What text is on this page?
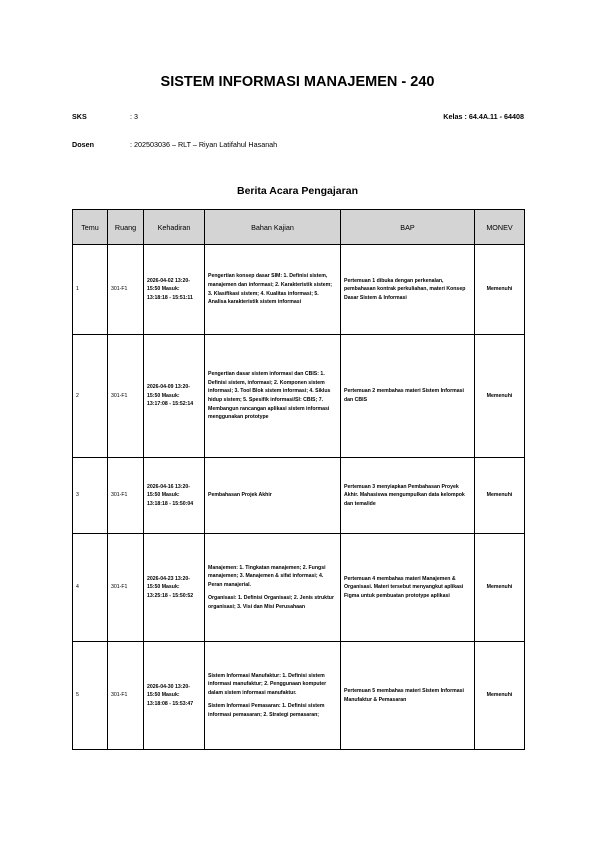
SISTEM INFORMASI MANAJEMEN - 240
SKS	: 3	Kelas : 64.4A.11 - 64408
Dosen	: 202503036 – RLT – Riyan Latifahul Hasanah
Berita Acara Pengajaran
Temu	Ruang	Kehadiran	Bahan Kajian	BAP	MONEV
1	301-F1	2026-04-02 13:20-15:50 Masuk: 13:18:18 - 15:51:11	Pengertian konsep dasar SIM: 1. Definisi sistem, manajemen dan informasi; 2. Karakteristik sistem; 3. Klasifikasi sistem; 4. Kualitas informasi; 5. Analisa karakteristik sistem informasi	Pertemuan 1 dibuka dengan perkenalan, pembahasan kontrak perkuliahan, materi Konsep Dasar Sistem & Informasi	Memenuhi
2	301-F1	2026-04-09 13:20-15:50 Masuk: 13:17:08 - 15:52:14	Pengertian dasar sistem informasi dan CBIS: 1. Definisi sistem, informasi; 2. Komponen sistem informasi; 3. Tool Blok sistem informasi; 4. Siklus hidup sistem; 5. Spesifik informasi/SI: CBIS; 7. Membangun rancangan aplikasi sistem informasi menggunakan prototype	Pertemuan 2 membahas materi Sistem Informasi dan CBIS	Memenuhi
3	301-F1	2026-04-16 13:20-15:50 Masuk: 13:18:18 - 15:50:04	Pembahasan Projek Akhir	Pertemuan 3 menyiapkan Pembahasan Proyek Akhir. Mahasiswa mengumpulkan data kelompok dan tema/ide	Memenuhi
4	301-F1	2026-04-23 13:20-15:50 Masuk: 13:25:18 - 15:50:52	Manajemen: 1. Tingkatan manajemen; 2. Fungsi manajemen; 3. Manajemen & sifat informasi; 4. Peran manajerial.
Organisasi: 1. Definisi Organisasi; 2. Jenis struktur organisasi; 3. Visi dan Misi Perusahaan	Pertemuan 4 membahas materi Manajemen & Organisasi. Materi tersebut menyangkut aplikasi Figma untuk pembuatan prototype aplikasi	Memenuhi
5	301-F1	2026-04-30 13:20-15:50 Masuk: 13:18:08 - 15:53:47	Sistem Informasi Manufaktur: 1. Definisi sistem informasi manufaktur; 2. Penggunaan komputer dalam sistem informasi manufaktur.
Sistem Informasi Pemasaran: 1. Definisi sistem informasi pemasaran; 2. Strategi pemasaran;	Pertemuan 5 membahas materi Sistem Informasi Manufaktur & Pemasaran	Memenuhi
